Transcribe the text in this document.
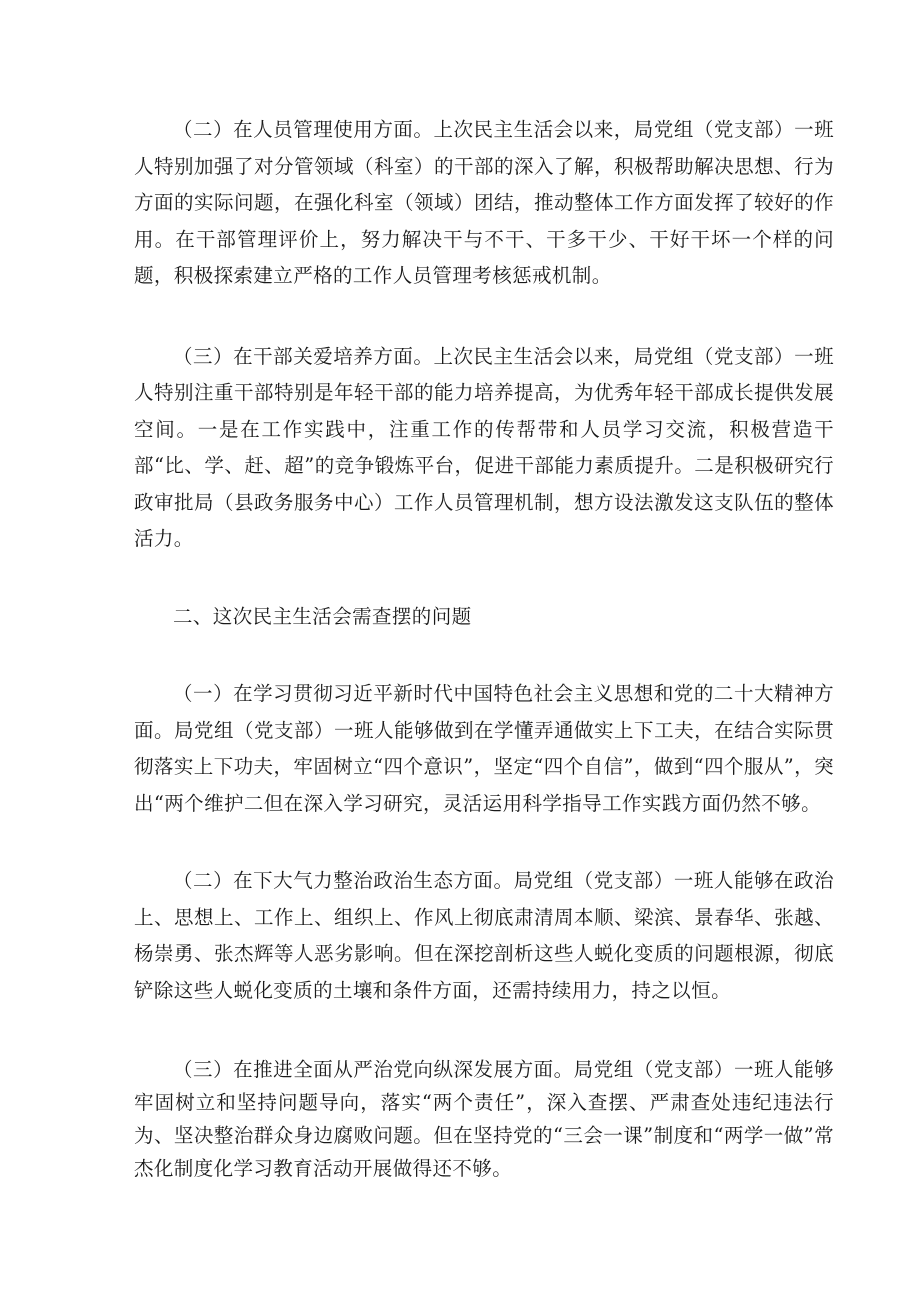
（二）在人员管理使用方面。上次民主生活会以来，局党组（党支部）一班人特别加强了对分管领域（科室）的干部的深入了解，积极帮助解决思想、行为方面的实际问题，在强化科室（领域）团结，推动整体工作方面发挥了较好的作用。在干部管理评价上，努力解决干与不干、干多干少、干好干坏一个样的问题，积极探索建立严格的工作人员管理考核惩戒机制。

（三）在干部关爱培养方面。上次民主生活会以来，局党组（党支部）一班人特别注重干部特别是年轻干部的能力培养提高，为优秀年轻干部成长提供发展空间。一是在工作实践中，注重工作的传帮带和人员学习交流，积极营造干部“比、学、赶、超”的竞争锻炼平台，促进干部能力素质提升。二是积极研究行政审批局（县政务服务中心）工作人员管理机制，想方设法激发这支队伍的整体活力。

二、这次民主生活会需查摆的问题

（一）在学习贯彻习近平新时代中国特色社会主义思想和党的二十大精神方面。局党组（党支部）一班人能够做到在学懂弄通做实上下工夫，在结合实际贯彻落实上下功夫，牢固树立“四个意识”，坚定“四个自信”，做到“四个服从”，突出“两个维护二但在深入学习研究，灵活运用科学指导工作实践方面仍然不够。

（二）在下大气力整治政治生态方面。局党组（党支部）一班人能够在政治上、思想上、工作上、组织上、作风上彻底肃清周本顺、梁滨、景春华、张越、杨崇勇、张杰辉等人恶劣影响。但在深挖剖析这些人蜕化变质的问题根源，彻底铲除这些人蜕化变质的土壤和条件方面，还需持续用力，持之以恒。

（三）在推进全面从严治党向纵深发展方面。局党组（党支部）一班人能够牢固树立和坚持问题导向，落实“两个责任”，深入查摆、严肃查处违纪违法行为、坚决整治群众身边腐败问题。但在坚持党的“三会一课”制度和“两学一做”常杰化制度化学习教育活动开展做得还不够。
